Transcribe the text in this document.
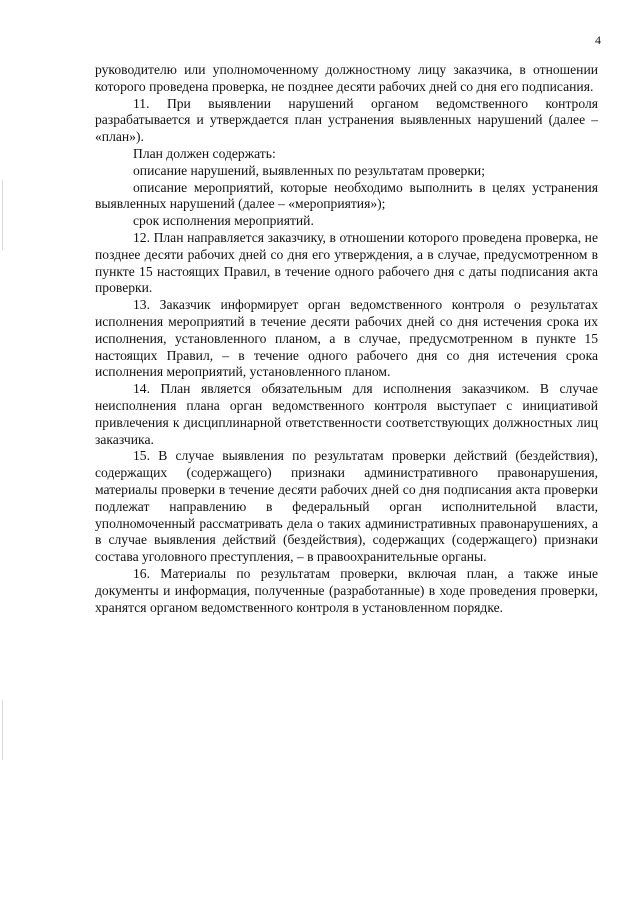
4

руководителю или уполномоченному должностному лицу заказчика, в отношении которого проведена проверка, не позднее десяти рабочих дней со дня его подписания.

11. При выявлении нарушений органом ведомственного контроля разрабатывается и утверждается план устранения выявленных нарушений (далее – «план»).

План должен содержать:

описание нарушений, выявленных по результатам проверки;

описание мероприятий, которые необходимо выполнить в целях устранения выявленных нарушений (далее – «мероприятия»);

срок исполнения мероприятий.

12. План направляется заказчику, в отношении которого проведена проверка, не позднее десяти рабочих дней со дня его утверждения, а в случае, предусмотренном в пункте 15 настоящих Правил, в течение одного рабочего дня с даты подписания акта проверки.

13. Заказчик информирует орган ведомственного контроля о результатах исполнения мероприятий в течение десяти рабочих дней со дня истечения срока их исполнения, установленного планом, а в случае, предусмотренном в пункте 15 настоящих Правил, – в течение одного рабочего дня со дня истечения срока исполнения мероприятий, установленного планом.

14. План является обязательным для исполнения заказчиком. В случае неисполнения плана орган ведомственного контроля выступает с инициативой привлечения к дисциплинарной ответственности соответствующих должностных лиц заказчика.

15. В случае выявления по результатам проверки действий (бездействия), содержащих (содержащего) признаки административного правонарушения, материалы проверки в течение десяти рабочих дней со дня подписания акта проверки подлежат направлению в федеральный орган исполнительной власти, уполномоченный рассматривать дела о таких административных правонарушениях, а в случае выявления действий (бездействия), содержащих (содержащего) признаки состава уголовного преступления, – в правоохранительные органы.

16. Материалы по результатам проверки, включая план, а также иные документы и информация, полученные (разработанные) в ходе проведения проверки, хранятся органом ведомственного контроля в установленном порядке.
